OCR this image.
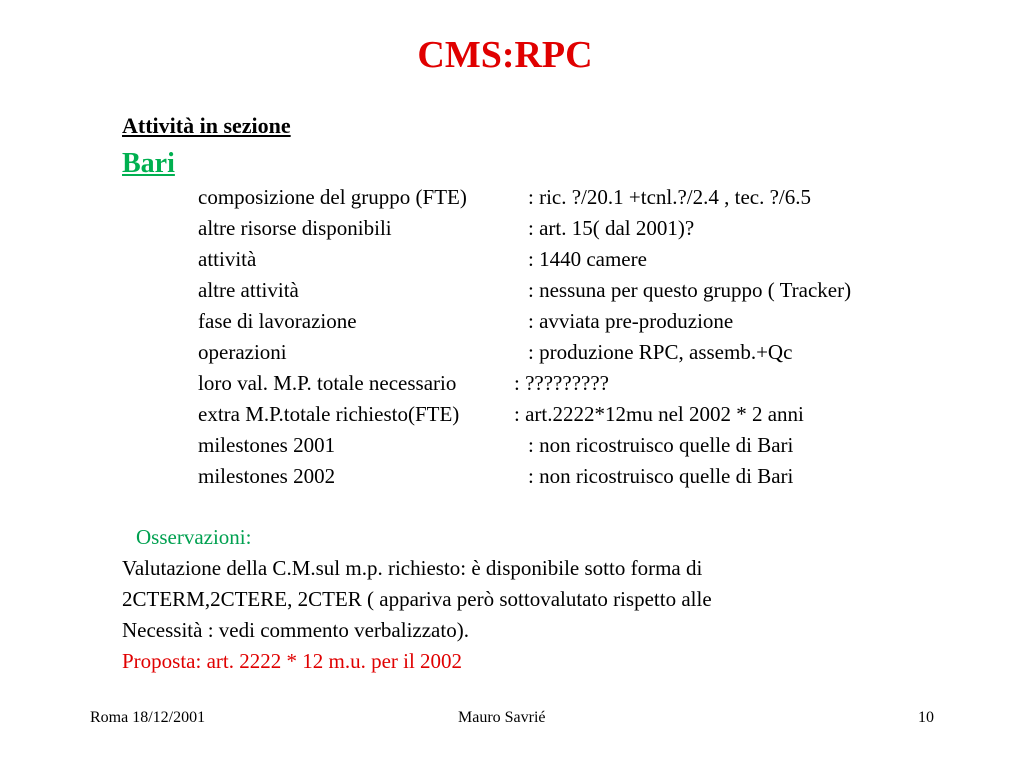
CMS:RPC
Attività in sezione
Bari
composizione del gruppo (FTE)	: ric. ?/20.1 +tcnl.?/2.4 , tec. ?/6.5
altre risorse disponibili	: art. 15( dal 2001)?
attività	: 1440 camere
altre attività	: nessuna per questo gruppo ( Tracker)
fase di lavorazione	: avviata pre-produzione
operazioni	: produzione RPC, assemb.+Qc
loro val. M.P. totale necessario	: ?????????
extra M.P.totale richiesto(FTE)	: art.2222*12mu nel 2002 * 2 anni
milestones 2001	: non ricostruisco quelle di Bari
milestones 2002	: non ricostruisco quelle di Bari
Osservazioni:
Valutazione della C.M.sul m.p. richiesto: è disponibile sotto forma di
2CTERM,2CTERE, 2CTER ( appariva però sottovalutato rispetto alle
Necessità : vedi commento verbalizzato).
Proposta: art. 2222 * 12 m.u. per il 2002
Roma 18/12/2001	Mauro Savrié	10
